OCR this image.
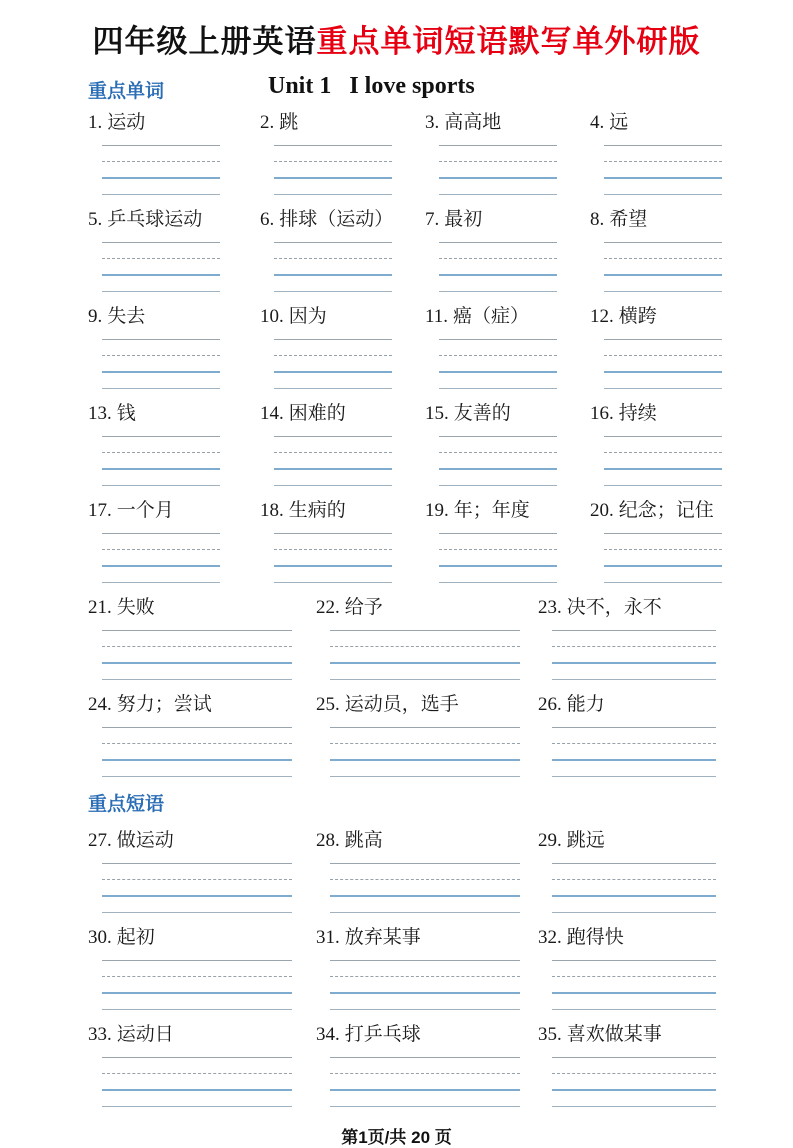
四年级上册英语重点单词短语默写单外研版
重点单词	Unit 1   I love sports
1. 运动	2. 跳	3. 高高地	4. 远
5. 乒乓球运动	6. 排球（运动）	7. 最初	8. 希望
9. 失去	10. 因为	11. 癌（症）	12. 横跨
13. 钱	14. 困难的	15. 友善的	16. 持续
17. 一个月	18. 生病的	19. 年；年度	20. 纪念；记住
21. 失败	22. 给予	23. 决不，永不
24. 努力；尝试	25. 运动员，选手	26. 能力
重点短语
27. 做运动	28. 跳高	29. 跳远
30. 起初	31. 放弃某事	32. 跑得快
33. 运动日	34. 打乒乓球	35. 喜欢做某事
第1页/共 20 页
